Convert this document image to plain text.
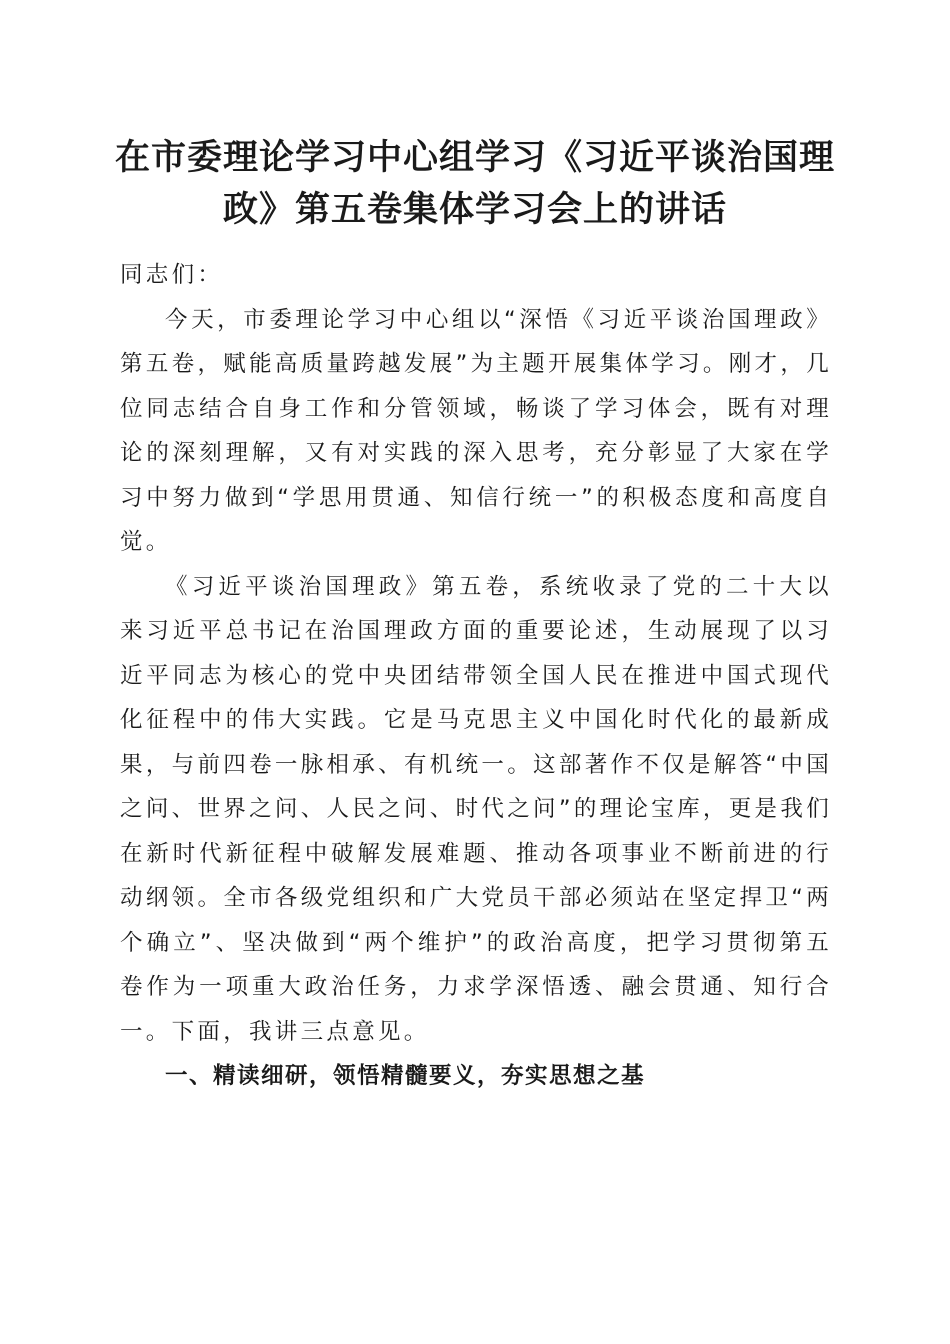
在市委理论学习中心组学习《习近平谈治国理政》第五卷集体学习会上的讲话

同志们：

今天，市委理论学习中心组以“深悟《习近平谈治国理政》第五卷，赋能高质量跨越发展”为主题开展集体学习。刚才，几位同志结合自身工作和分管领域，畅谈了学习体会，既有对理论的深刻理解，又有对实践的深入思考，充分彰显了大家在学习中努力做到“学思用贯通、知信行统一”的积极态度和高度自觉。

《习近平谈治国理政》第五卷，系统收录了党的二十大以来习近平总书记在治国理政方面的重要论述，生动展现了以习近平同志为核心的党中央团结带领全国人民在推进中国式现代化征程中的伟大实践。它是马克思主义中国化时代化的最新成果，与前四卷一脉相承、有机统一。这部著作不仅是解答“中国之问、世界之问、人民之问、时代之问”的理论宝库，更是我们在新时代新征程中破解发展难题、推动各项事业不断前进的行动纲领。全市各级党组织和广大党员干部必须站在坚定捍卫“两个确立”、坚决做到“两个维护”的政治高度，把学习贯彻第五卷作为一项重大政治任务，力求学深悟透、融会贯通、知行合一。下面，我讲三点意见。

一、精读细研，领悟精髓要义，夯实思想之基
